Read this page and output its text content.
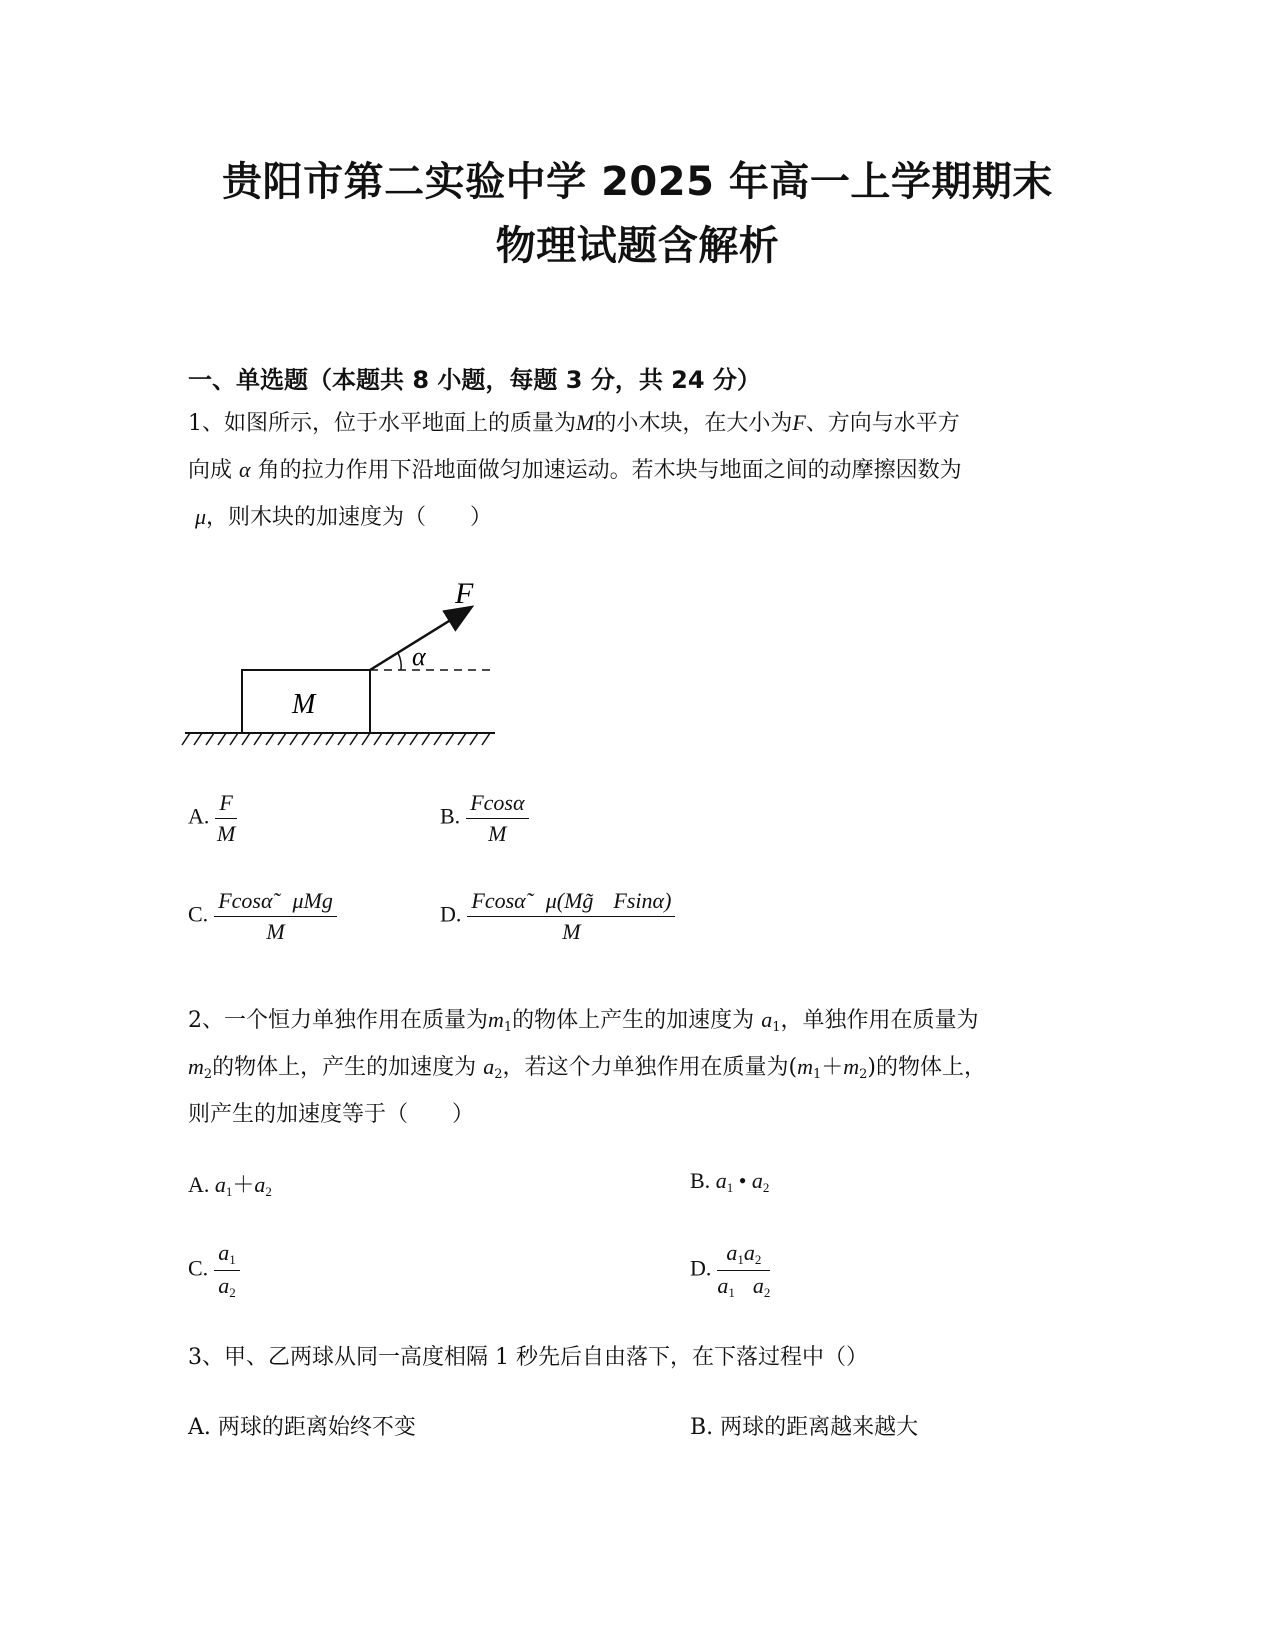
贵阳市第二实验中学 2025 年高一上学期期末
物理试题含解析
一、单选题（本题共 8 小题，每题 3 分，共 24 分）
1、如图所示，位于水平地面上的质量为M的小木块，在大小为F、方向与水平方
向成 α 角的拉力作用下沿地面做匀加速运动。若木块与地面之间的动摩擦因数为
μ，则木块的加速度为（　　）
M
F
α
A. $\frac{F}{M}$	B. $\frac{Fcos\alpha}{M}$
C. $\frac{\text{Fcosα̃ μMg}}{M}$	D. $\frac{Fcos\alphã \mu(Mg̃ Fsin\alpha)}{M}$
2、一个恒力单独作用在质量为$m_1$的物体上产生的加速度为 $a_1$，单独作用在质量为
$m_2$的物体上，产生的加速度为 $a_2$，若这个力单独作用在质量为$(m_1+m_2)$的物体上，
则产生的加速度等于（　　）
A. $a_1+a_2$	B. $a_1$ • $a_2$
C. $\frac{a_1}{a_2}$	D. $\frac{a_1a_2}{a_1 a_2}$
3、甲、乙两球从同一高度相隔 1 秒先后自由落下，在下落过程中（）
A. 两球的距离始终不变	B. 两球的距离越来越大
